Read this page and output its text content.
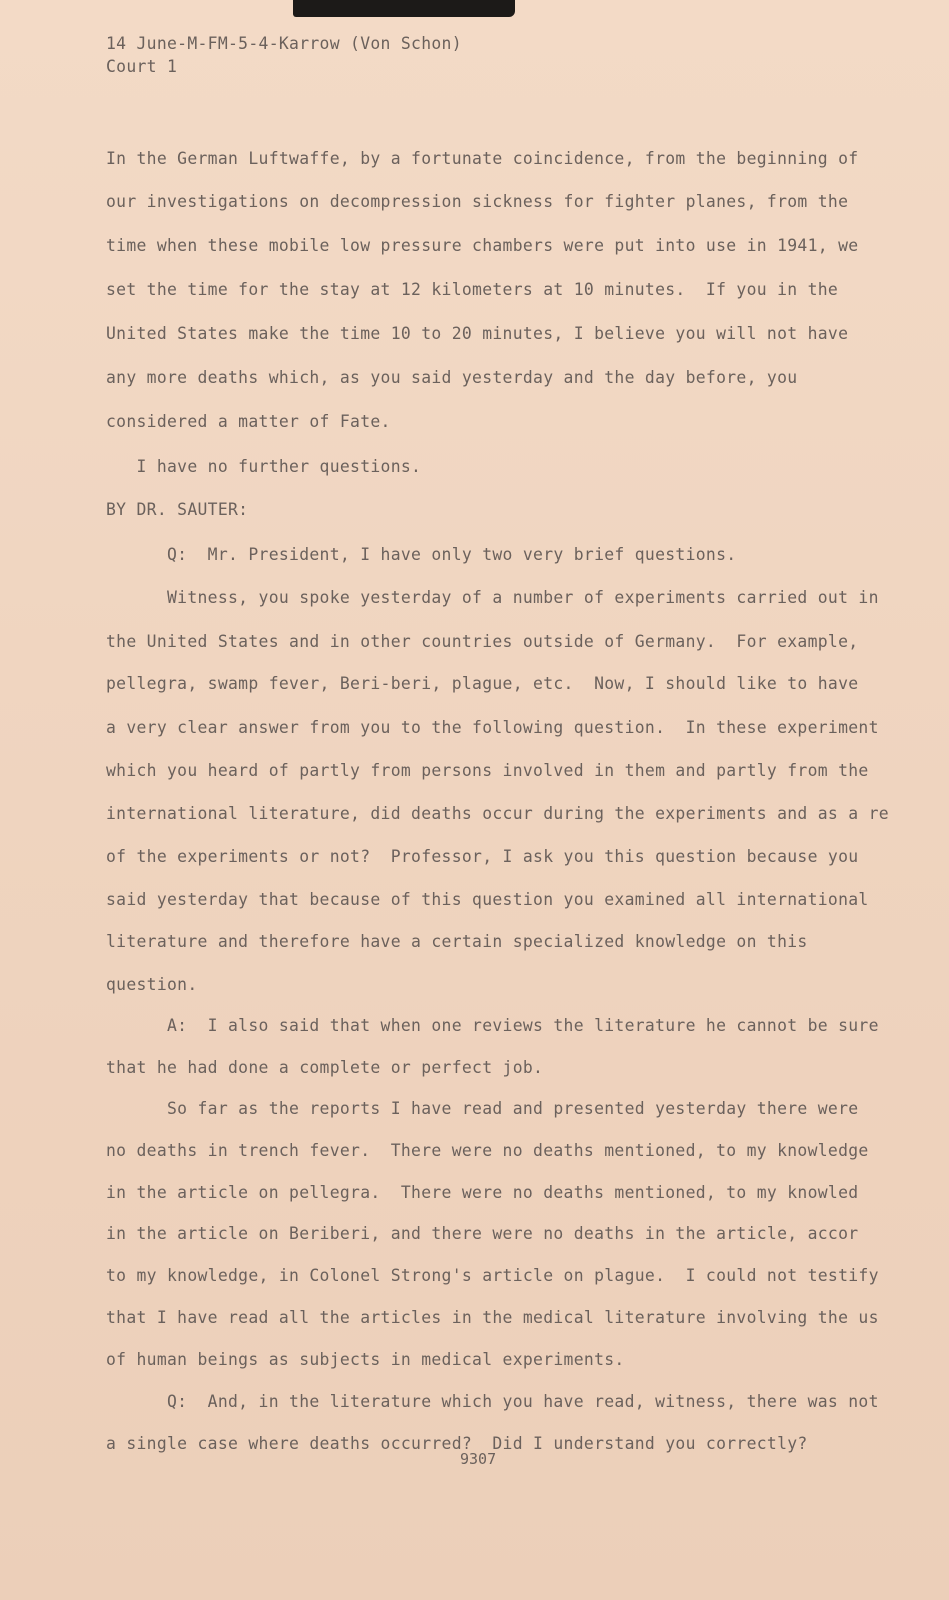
14 June-M-FM-5-4-Karrow (Von Schon)
Court 1
In the German Luftwaffe, by a fortunate coincidence, from the beginning of
our investigations on decompression sickness for fighter planes, from the
time when these mobile low pressure chambers were put into use in 1941, we
set the time for the stay at 12 kilometers at 10 minutes.  If you in the
United States make the time 10 to 20 minutes, I believe you will not have
any more deaths which, as you said yesterday and the day before, you
considered a matter of Fate.
I have no further questions.
BY DR. SAUTER:
Q:  Mr. President, I have only two very brief questions.
Witness, you spoke yesterday of a number of experiments carried out in
the United States and in other countries outside of Germany.  For example,
pellegra, swamp fever, Beri-beri, plague, etc.  Now, I should like to have
a very clear answer from you to the following question.  In these experiment
which you heard of partly from persons involved in them and partly from the
international literature, did deaths occur during the experiments and as a re
of the experiments or not?  Professor, I ask you this question because you
said yesterday that because of this question you examined all international
literature and therefore have a certain specialized knowledge on this
question.
A:  I also said that when one reviews the literature he cannot be sure
that he had done a complete or perfect job.
So far as the reports I have read and presented yesterday there were
no deaths in trench fever.  There were no deaths mentioned, to my knowledge
in the article on pellegra.  There were no deaths mentioned, to my knowled
in the article on Beriberi, and there were no deaths in the article, accor
to my knowledge, in Colonel Strong's article on plague.  I could not testify
that I have read all the articles in the medical literature involving the us
of human beings as subjects in medical experiments.
Q:  And, in the literature which you have read, witness, there was not
a single case where deaths occurred?  Did I understand you correctly?
9307
